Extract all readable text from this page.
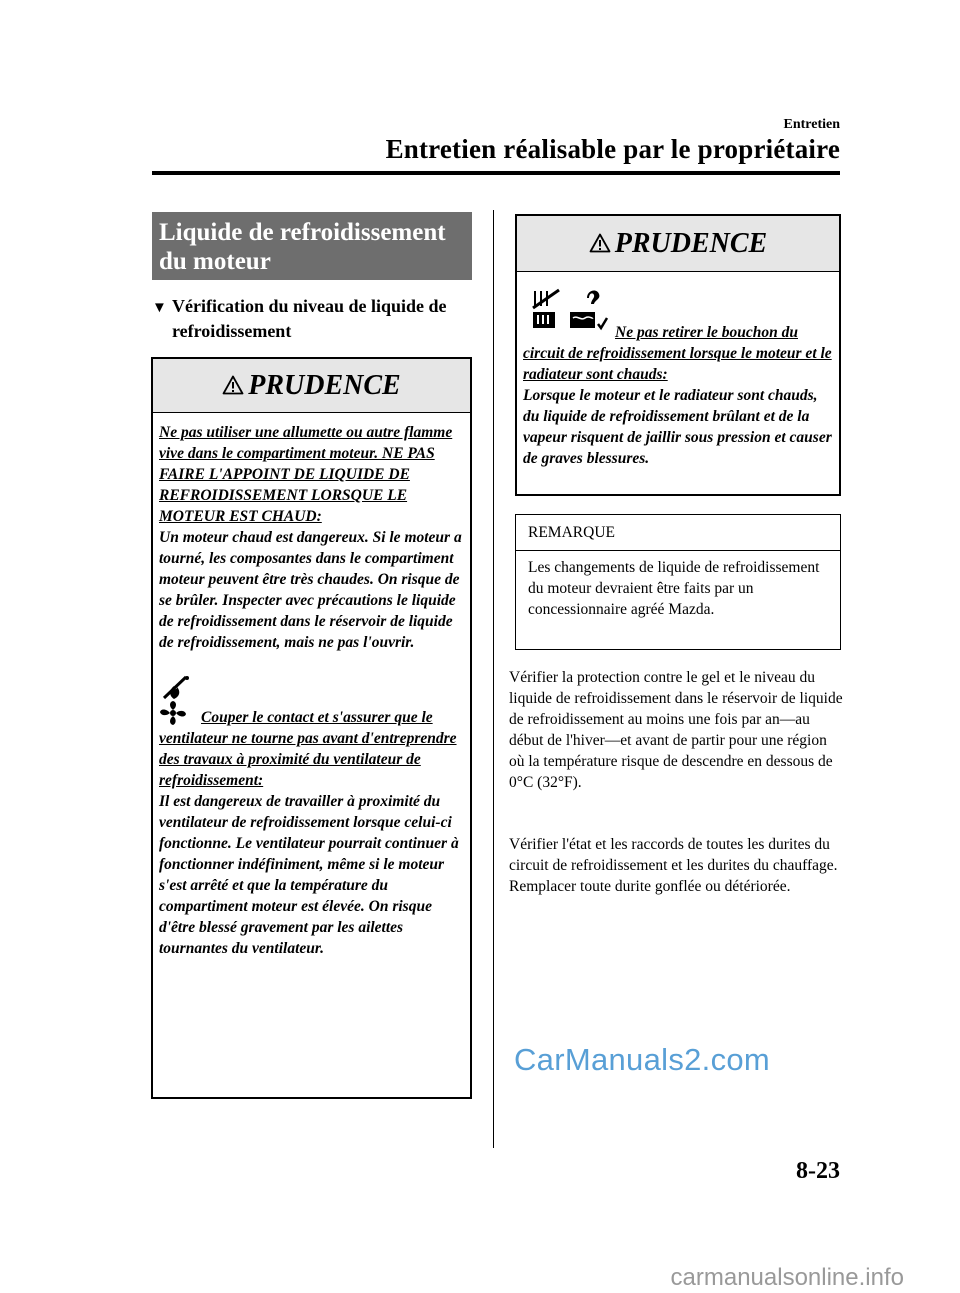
Entretien
Entretien réalisable par le propriétaire
Liquide de refroidissement du moteur
▼ Vérification du niveau de liquide de refroidissement
PRUDENCE
Ne pas utiliser une allumette ou autre flamme vive dans le compartiment moteur. NE PAS FAIRE L'APPOINT DE LIQUIDE DE REFROIDISSEMENT LORSQUE LE MOTEUR EST CHAUD:
Un moteur chaud est dangereux. Si le moteur a tourné, les composantes dans le compartiment moteur peuvent être très chaudes. On risque de se brûler. Inspecter avec précautions le liquide de refroidissement dans le réservoir de liquide de refroidissement, mais ne pas l'ouvrir.
Couper le contact et s'assurer que le ventilateur ne tourne pas avant d'entreprendre des travaux à proximité du ventilateur de refroidissement:
Il est dangereux de travailler à proximité du ventilateur de refroidissement lorsque celui-ci fonctionne. Le ventilateur pourrait continuer à fonctionner indéfiniment, même si le moteur s'est arrêté et que la température du compartiment moteur est élevée. On risque d'être blessé gravement par les ailettes tournantes du ventilateur.
PRUDENCE
Ne pas retirer le bouchon du circuit de refroidissement lorsque le moteur et le radiateur sont chauds:
Lorsque le moteur et le radiateur sont chauds, du liquide de refroidissement brûlant et de la vapeur risquent de jaillir sous pression et causer de graves blessures.
REMARQUE
Les changements de liquide de refroidissement du moteur devraient être faits par un concessionnaire agréé Mazda.
Vérifier la protection contre le gel et le niveau du liquide de refroidissement dans le réservoir de liquide de refroidissement au moins une fois par an―au début de l'hiver―et avant de partir pour une région où la température risque de descendre en dessous de 0°C (32°F).
Vérifier l'état et les raccords de toutes les durites du circuit de refroidissement et les durites du chauffage.
Remplacer toute durite gonflée ou détériorée.
CarManuals2.com
8-23
carmanualsonline.info
